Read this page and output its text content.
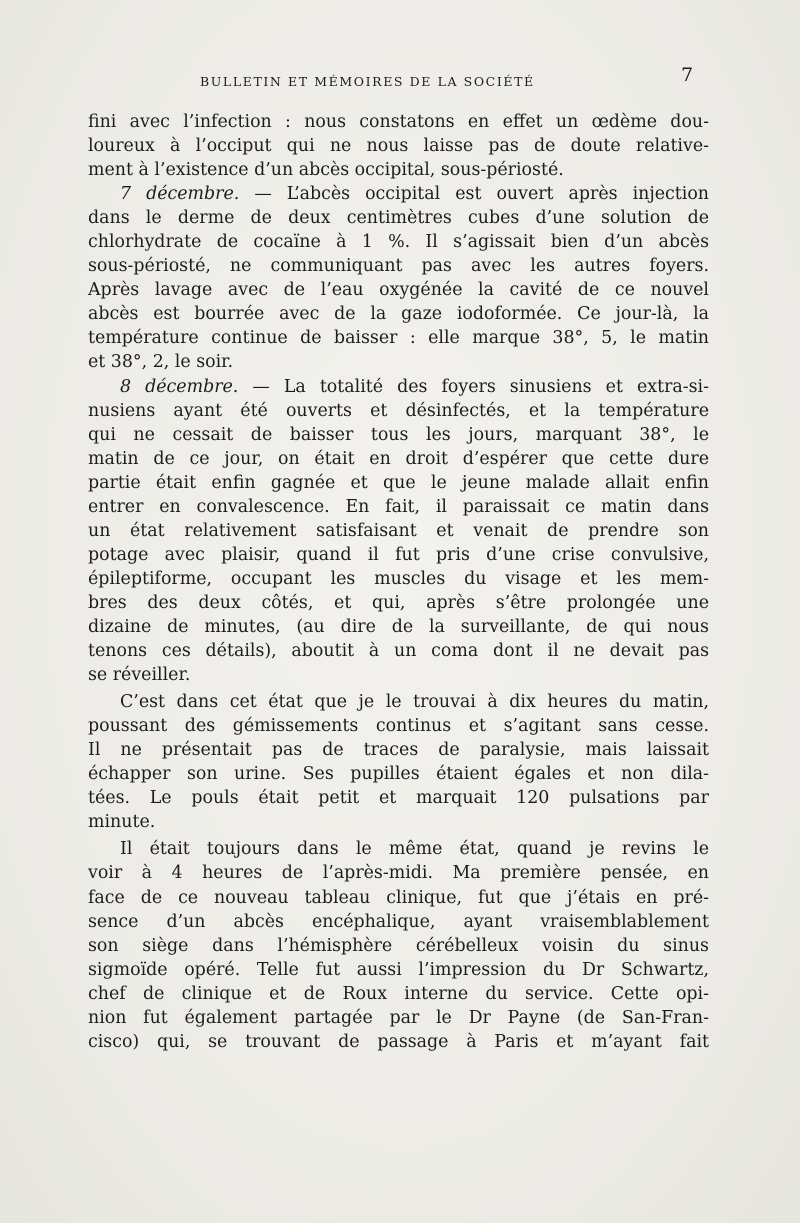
BULLETIN ET MÉMOIRES DE LA SOCIÉTÉ	7
fini avec l’infection : nous constatons en effet un œdème dou-
loureux à l’occiput qui ne nous laisse pas de doute relative-
ment à l’existence d’un abcès occipital, sous-périosté.
7 décembre. — L’abcès occipital est ouvert après injection
dans le derme de deux centimètres cubes d’une solution de
chlorhydrate de cocaïne à 1 %. Il s’agissait bien d’un abcès
sous-périosté, ne communiquant pas avec les autres foyers.
Après lavage avec de l’eau oxygénée la cavité de ce nouvel
abcès est bourrée avec de la gaze iodoformée. Ce jour-là, la
température continue de baisser : elle marque 38°, 5, le matin
et 38°, 2, le soir.
8 décembre. — La totalité des foyers sinusiens et extra-si-
nusiens ayant été ouverts et désinfectés, et la température
qui ne cessait de baisser tous les jours, marquant 38°, le
matin de ce jour, on était en droit d’espérer que cette dure
partie était enfin gagnée et que le jeune malade allait enfin
entrer en convalescence. En fait, il paraissait ce matin dans
un état relativement satisfaisant et venait de prendre son
potage avec plaisir, quand il fut pris d’une crise convulsive,
épileptiforme, occupant les muscles du visage et les mem-
bres des deux côtés, et qui, après s’être prolongée une
dizaine de minutes, (au dire de la surveillante, de qui nous
tenons ces détails), aboutit à un coma dont il ne devait pas
se réveiller.
C’est dans cet état que je le trouvai à dix heures du matin,
poussant des gémissements continus et s’agitant sans cesse.
Il ne présentait pas de traces de paralysie, mais laissait
échapper son urine. Ses pupilles étaient égales et non dila-
tées. Le pouls était petit et marquait 120 pulsations par
minute.
Il était toujours dans le même état, quand je revins le
voir à 4 heures de l’après-midi. Ma première pensée, en
face de ce nouveau tableau clinique, fut que j’étais en pré-
sence d’un abcès encéphalique, ayant vraisemblablement
son siège dans l’hémisphère cérébelleux voisin du sinus
sigmoïde opéré. Telle fut aussi l’impression du Dr Schwartz,
chef de clinique et de Roux interne du service. Cette opi-
nion fut également partagée par le Dr Payne (de San-Fran-
cisco) qui, se trouvant de passage à Paris et m’ayant fait
